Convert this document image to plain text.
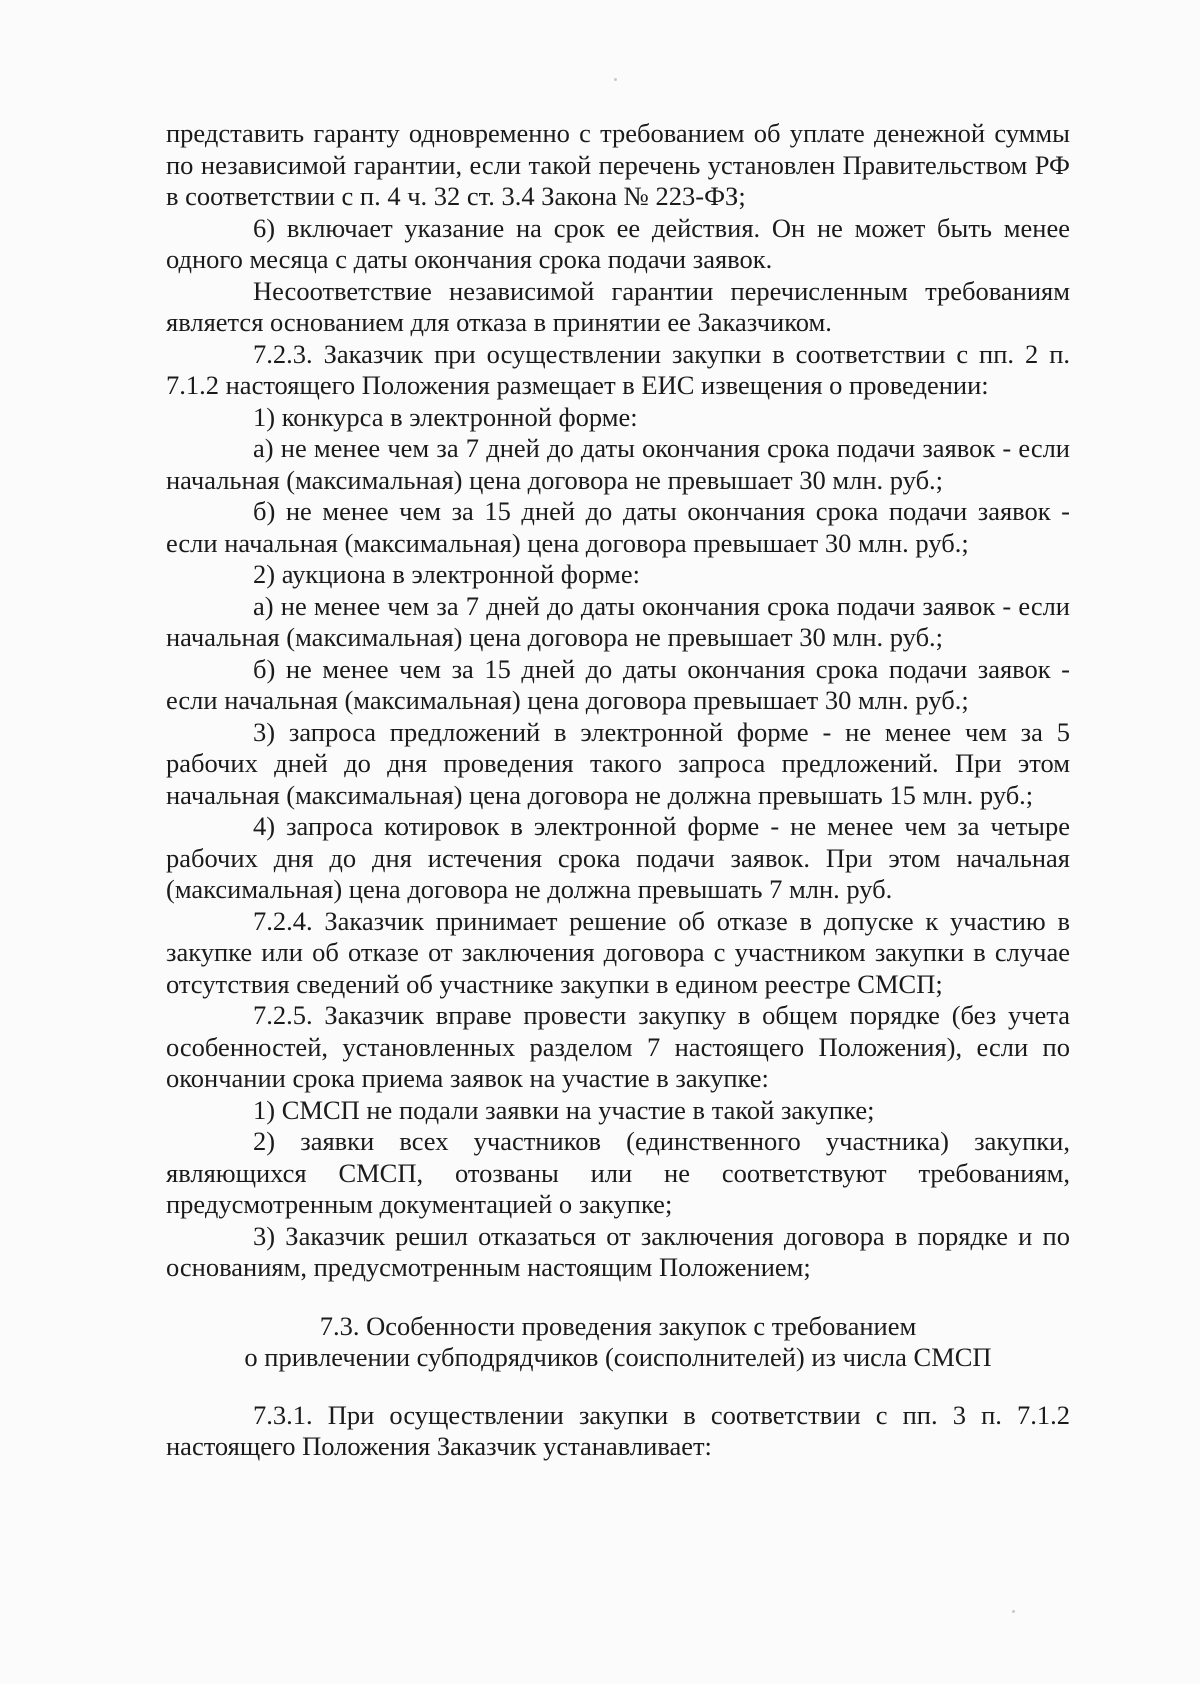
представить гаранту одновременно с требованием об уплате денежной суммы по независимой гарантии, если такой перечень установлен Правительством РФ в соответствии с п. 4 ч. 32 ст. 3.4 Закона № 223-ФЗ;

6) включает указание на срок ее действия. Он не может быть менее одного месяца с даты окончания срока подачи заявок.

Несоответствие независимой гарантии перечисленным требованиям является основанием для отказа в принятии ее Заказчиком.

7.2.3. Заказчик при осуществлении закупки в соответствии с пп. 2 п. 7.1.2 настоящего Положения размещает в ЕИС извещения о проведении:

1) конкурса в электронной форме:

а) не менее чем за 7 дней до даты окончания срока подачи заявок - если начальная (максимальная) цена договора не превышает 30 млн. руб.;

б) не менее чем за 15 дней до даты окончания срока подачи заявок - если начальная (максимальная) цена договора превышает 30 млн. руб.;

2) аукциона в электронной форме:

а) не менее чем за 7 дней до даты окончания срока подачи заявок - если начальная (максимальная) цена договора не превышает 30 млн. руб.;

б) не менее чем за 15 дней до даты окончания срока подачи заявок - если начальная (максимальная) цена договора превышает 30 млн. руб.;

3) запроса предложений в электронной форме - не менее чем за 5 рабочих дней до дня проведения такого запроса предложений. При этом начальная (максимальная) цена договора не должна превышать 15 млн. руб.;

4) запроса котировок в электронной форме - не менее чем за четыре рабочих дня до дня истечения срока подачи заявок. При этом начальная (максимальная) цена договора не должна превышать 7 млн. руб.

7.2.4. Заказчик принимает решение об отказе в допуске к участию в закупке или об отказе от заключения договора с участником закупки в случае отсутствия сведений об участнике закупки в едином реестре СМСП;

7.2.5. Заказчик вправе провести закупку в общем порядке (без учета особенностей, установленных разделом 7 настоящего Положения), если по окончании срока приема заявок на участие в закупке:

1) СМСП не подали заявки на участие в такой закупке;

2) заявки всех участников (единственного участника) закупки, являющихся СМСП, отозваны или не соответствуют требованиям, предусмотренным документацией о закупке;

3) Заказчик решил отказаться от заключения договора в порядке и по основаниям, предусмотренным настоящим Положением;

7.3. Особенности проведения закупок с требованием
о привлечении субподрядчиков (соисполнителей) из числа СМСП

7.3.1. При осуществлении закупки в соответствии с пп. 3 п. 7.1.2 настоящего Положения Заказчик устанавливает:
